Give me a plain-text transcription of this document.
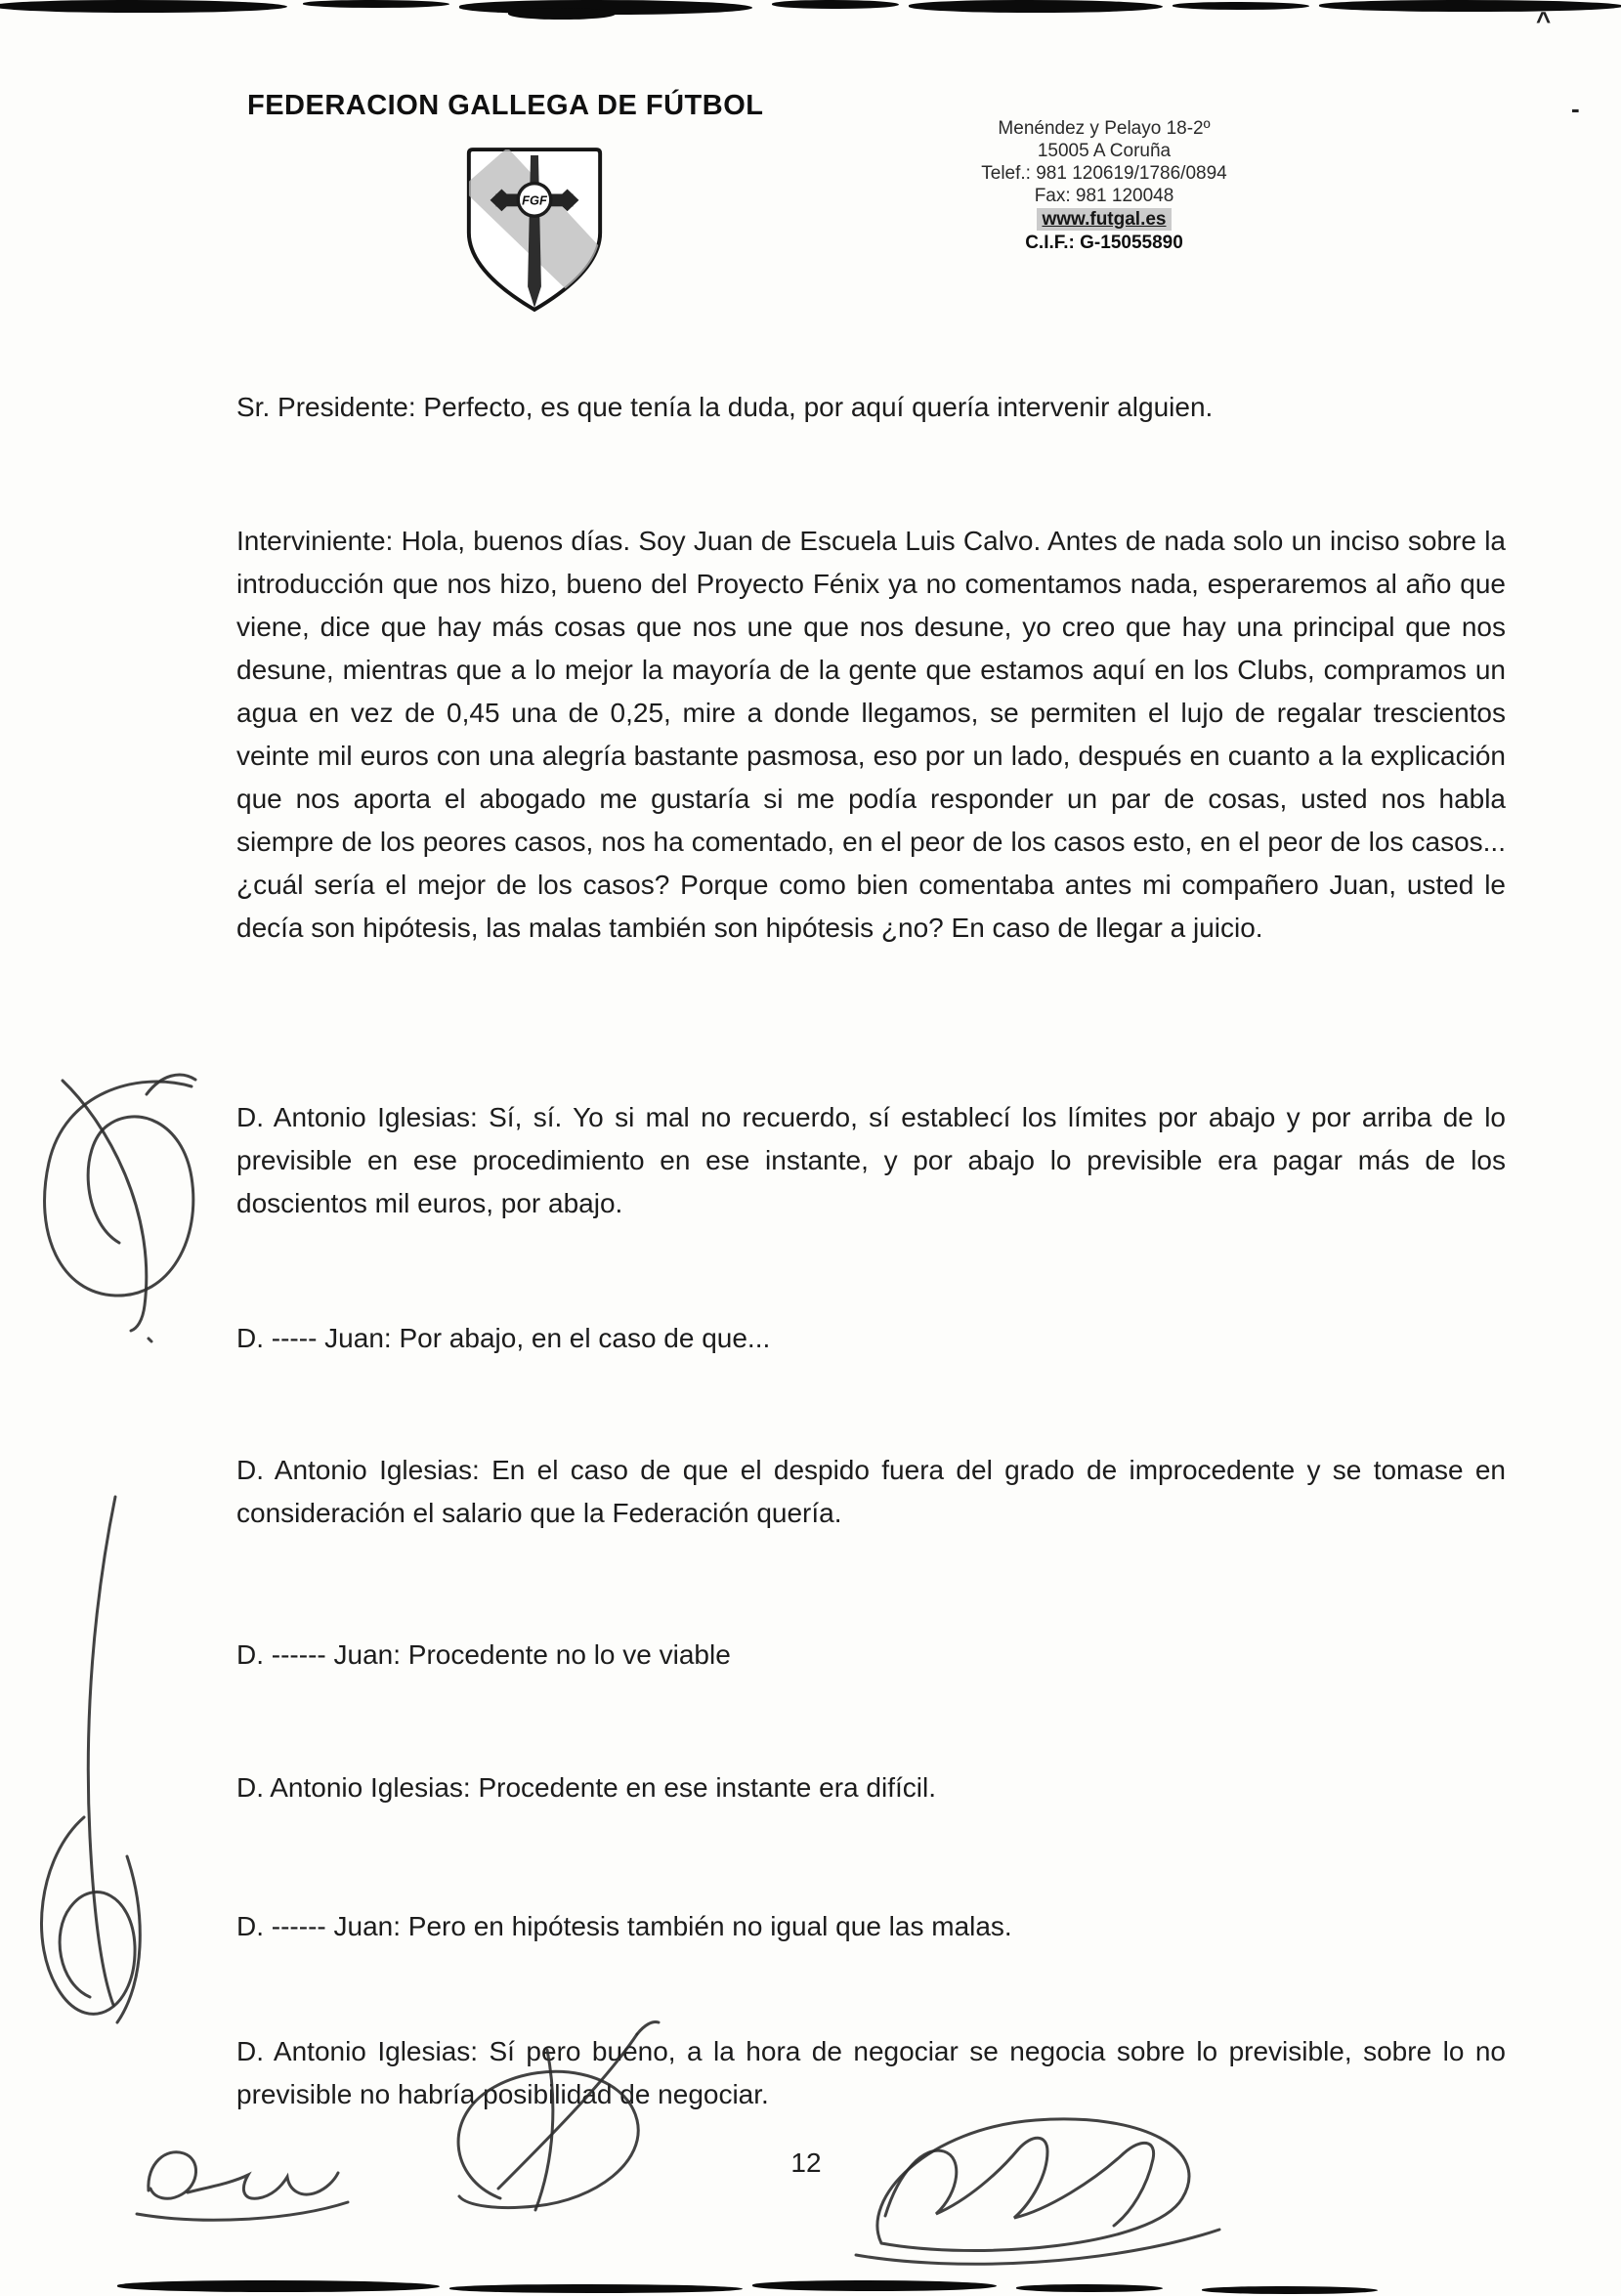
^
-
FEDERACION GALLEGA DE FÚTBOL
FGF
Menéndez y Pelayo 18-2º
15005 A Coruña
Telef.: 981 120619/1786/0894
Fax: 981 120048
www.futgal.es
C.I.F.: G-15055890

Sr. Presidente: Perfecto, es que tenía la duda, por aquí quería intervenir alguien.

Interviniente: Hola, buenos días. Soy Juan de Escuela Luis Calvo. Antes de nada solo un inciso sobre la introducción que nos hizo, bueno del Proyecto Fénix ya no comentamos nada, esperaremos al año que viene, dice que hay más cosas que nos une que nos desune, yo creo que hay una principal que nos desune, mientras que a lo mejor la mayoría de la gente que estamos aquí en los Clubs, compramos un agua en vez de 0,45 una de 0,25, mire a donde llegamos, se permiten el lujo de regalar trescientos veinte mil euros con una alegría bastante pasmosa, eso por un lado, después en cuanto a la explicación que nos aporta el abogado me gustaría si me podía responder un par de cosas, usted nos habla siempre de los peores casos, nos ha comentado, en el peor de los casos esto, en el peor de los casos... ¿cuál sería el mejor de los casos? Porque como bien comentaba antes mi compañero Juan, usted le decía son hipótesis, las malas también son hipótesis ¿no? En caso de llegar a juicio.

D. Antonio Iglesias: Sí, sí. Yo si mal no recuerdo, sí establecí los límites por abajo y por arriba de lo previsible en ese procedimiento en ese instante, y por abajo lo previsible era pagar más de los doscientos mil euros, por abajo.

D. ----- Juan: Por abajo, en el caso de que...

D. Antonio Iglesias: En el caso de que el despido fuera del grado de improcedente y se tomase en consideración el salario que la Federación quería.

D. ------ Juan: Procedente no lo ve viable

D. Antonio Iglesias: Procedente en ese instante era difícil.

D. ------ Juan: Pero en hipótesis también no igual que las malas.

D. Antonio Iglesias: Sí pero bueno, a la hora de negociar se negocia sobre lo previsible, sobre lo no previsible no habría posibilidad de negociar.

12
